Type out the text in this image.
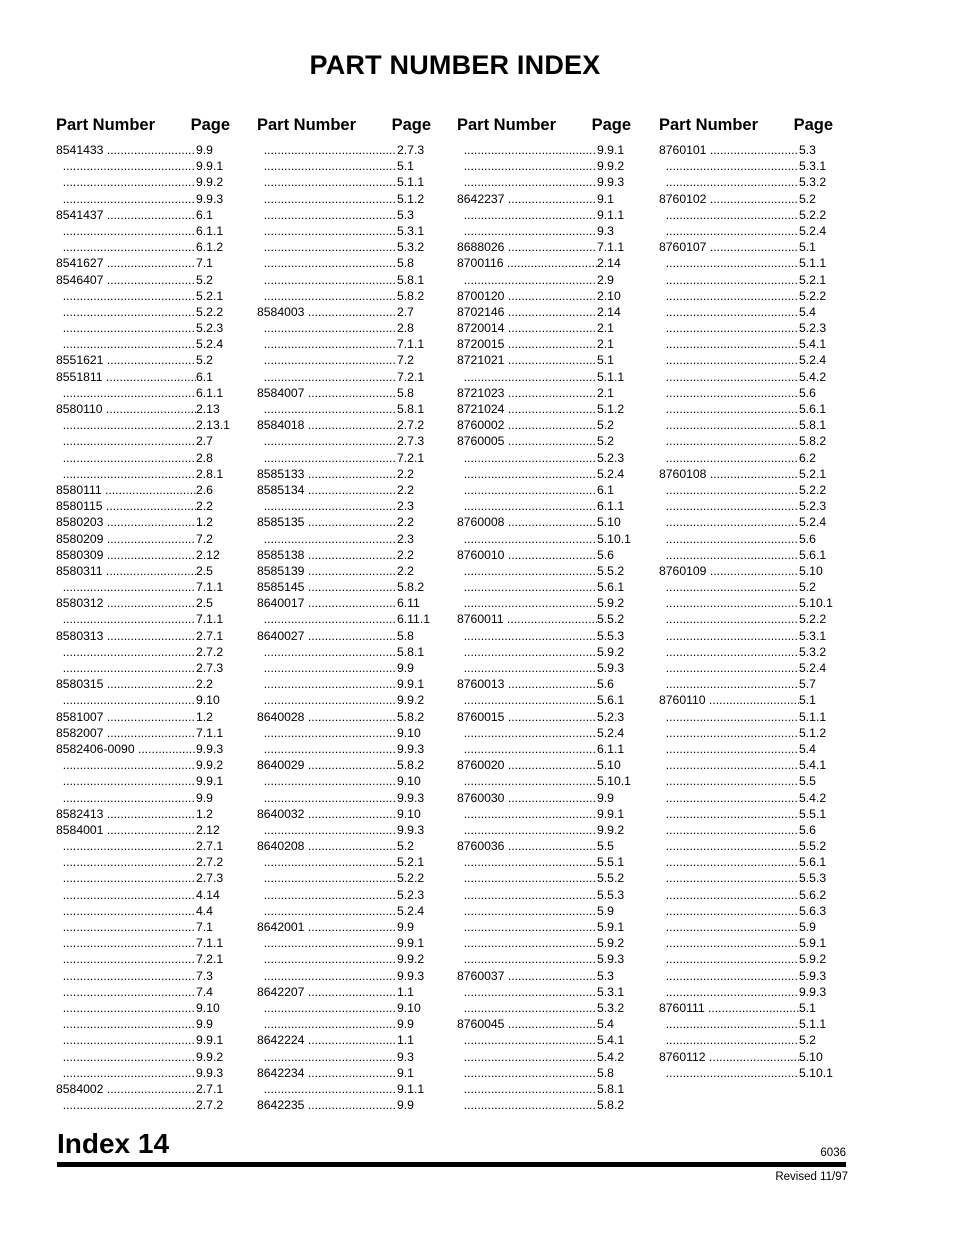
PART NUMBER INDEX
Part Number Page
8541433 .....	9.9
.....9.9.1
.....9.9.2
.....9.9.3
8541437 .....	6.1
.....6.1.1
.....6.1.2
8541627 .....	7.1
8546407 .....	5.2
.....5.2.1
.....5.2.2
.....5.2.3
.....5.2.4
8551621 .....	5.2
8551811 .....	6.1
.....6.1.1
8580110 .....	2.13
.....2.13.1
.....2.7
.....2.8
.....2.8.1
8580111 .....	2.6
8580115 .....	2.2
8580203 .....	1.2
8580209 .....	7.2
8580309 .....	2.12
8580311 .....	2.5
.....7.1.1
8580312 .....	2.5
.....7.1.1
8580313 .....	2.7.1
.....2.7.2
.....2.7.3
8580315 .....	2.2
.....9.10
8581007 .....	1.2
8582007 .....	7.1.1
8582406-0090 .....	9.9.3
.....9.9.2
.....9.9.1
.....9.9
8582413 .....	1.2
8584001 .....	2.12
.....2.7.1
.....2.7.2
.....2.7.3
.....4.14
.....4.4
.....7.1
.....7.1.1
.....7.2.1
.....7.3
.....7.4
.....9.10
.....9.9
.....9.9.1
.....9.9.2
.....9.9.3
8584002 .....	2.7.1
.....2.7.2
Part Number Page
.....2.7.3
.....5.1
.....5.1.1
.....5.1.2
.....5.3
.....5.3.1
.....5.3.2
.....5.8
.....5.8.1
.....5.8.2
8584003 .....	2.7
.....2.8
.....7.1.1
.....7.2
.....7.2.1
8584007 .....	5.8
.....5.8.1
8584018 .....	2.7.2
.....2.7.3
.....7.2.1
8585133 .....	2.2
8585134 .....	2.2
.....2.3
8585135 .....	2.2
.....2.3
8585138 .....	2.2
8585139 .....	2.2
8585145 .....	5.8.2
8640017 .....	6.11
.....6.11.1
8640027 .....	5.8
.....5.8.1
.....9.9
.....9.9.1
.....9.9.2
8640028 .....	5.8.2
.....9.10
.....9.9.3
8640029 .....	5.8.2
.....9.10
.....9.9.3
8640032 .....	9.10
.....9.9.3
8640208 .....	5.2
.....5.2.1
.....5.2.2
.....5.2.3
.....5.2.4
8642001 .....	9.9
.....9.9.1
.....9.9.2
.....9.9.3
8642207 .....	1.1
.....9.10
.....9.9
8642224 .....	1.1
.....9.3
8642234 .....	9.1
.....9.1.1
8642235 .....	9.9
Part Number Page
.....9.9.1
.....9.9.2
.....9.9.3
8642237 .....	9.1
.....9.1.1
.....9.3
8688026 .....	7.1.1
8700116 .....	2.14
.....2.9
8700120 .....	2.10
8702146 .....	2.14
8720014 .....	2.1
8720015 .....	2.1
8721021 .....	5.1
.....5.1.1
8721023 .....	2.1
8721024 .....	5.1.2
8760002 .....	5.2
8760005 .....	5.2
.....5.2.3
.....5.2.4
.....6.1
.....6.1.1
8760008 .....	5.10
.....5.10.1
8760010 .....	5.6
.....5.5.2
.....5.6.1
.....5.9.2
8760011 .....	5.5.2
.....5.5.3
.....5.9.2
.....5.9.3
8760013 .....	5.6
.....5.6.1
8760015 .....	5.2.3
.....5.2.4
.....6.1.1
8760020 .....	5.10
.....5.10.1
8760030 .....	9.9
.....9.9.1
.....9.9.2
8760036 .....	5.5
.....5.5.1
.....5.5.2
.....5.5.3
.....5.9
.....5.9.1
.....5.9.2
.....5.9.3
8760037 .....	5.3
.....5.3.1
.....5.3.2
8760045 .....	5.4
.....5.4.1
.....5.4.2
.....5.8
.....5.8.1
.....5.8.2
Part Number Page
8760101 .....	5.3
.....5.3.1
.....5.3.2
8760102 .....	5.2
.....5.2.2
.....5.2.4
8760107 .....	5.1
.....5.1.1
.....5.2.1
.....5.2.2
.....5.4
.....5.2.3
.....5.4.1
.....5.2.4
.....5.4.2
.....5.6
.....5.6.1
.....5.8.1
.....5.8.2
.....6.2
8760108 .....	5.2.1
.....5.2.2
.....5.2.3
.....5.2.4
.....5.6
.....5.6.1
8760109 .....	5.10
.....5.2
.....5.10.1
.....5.2.2
.....5.3.1
.....5.3.2
.....5.2.4
.....5.7
8760110 .....	5.1
.....5.1.1
.....5.1.2
.....5.4
.....5.4.1
.....5.5
.....5.4.2
.....5.5.1
.....5.6
.....5.5.2
.....5.6.1
.....5.5.3
.....5.6.2
.....5.6.3
.....5.9
.....5.9.1
.....5.9.2
.....5.9.3
.....9.9.3
8760111 .....	5.1
.....5.1.1
.....5.2
8760112 .....	5.10
.....5.10.1
Index 14	6036
Revised 11/97
